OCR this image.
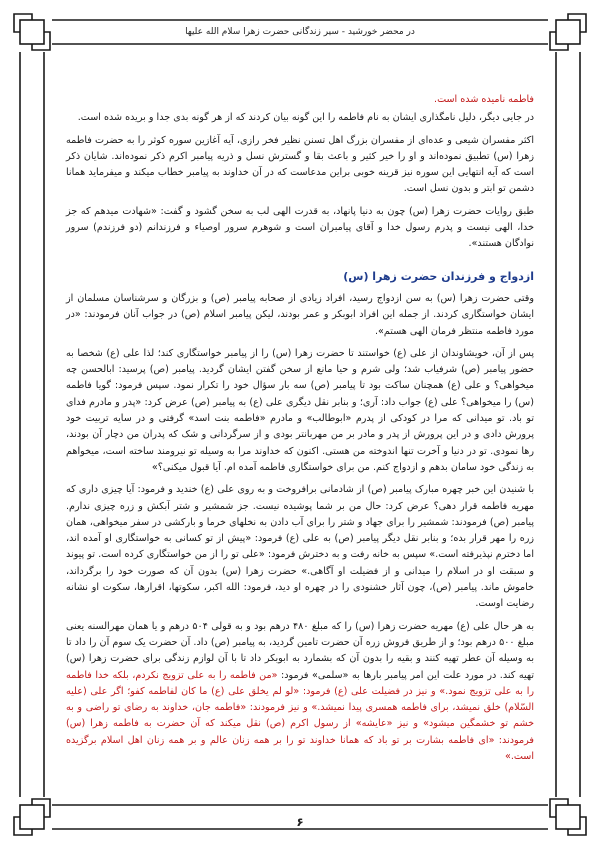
در محضر خورشید - سیر زندگانی حضرت زهرا سلام الله علیها

فاطمه نامیده شده است.

در جایی دیگر، دلیل نامگذاری ایشان به نام فاطمه را این گونه بیان کردند که از هر گونه بدی جدا و بریده شده است.

اکثر مفسران شیعی و عده‌ای از مفسران بزرگ اهل تسنن نظیر فخر رازی، آیه آغازین سوره کوثر را به حضرت فاطمه زهرا (س) تطبیق نموده‌اند و او را خیر کثیر و باعث بقا و گسترش نسل و ذریه پیامبر اکرم ذکر نموده‌اند. شایان ذکر است که آیه انتهایی این سوره نیز قرینه خوبی براین مدعاست که در آن خداوند به پیامبر خطاب میکند و میفرماید همانا دشمن تو ابتر و بدون نسل است.

طبق روایات حضرت زهرا (س) چون به دنیا پانهاد، به قدرت الهی لب به سخن گشود و گفت: «شهادت میدهم که جز خدا، الهی نیست و پدرم رسول خدا و آقای پیامبران است و شوهرم سرور اوصیاء و فرزندانم (دو فرزندم) سرور نوادگان هستند».

ازدواج و فرزندان حضرت زهرا (س)

وقتی حضرت زهرا (س) به سن ازدواج رسید، افراد زیادی از صحابه پیامبر (ص) و بزرگان و سرشناسان مسلمان از ایشان خواستگاری کردند. از جمله این افراد ابوبکر و عمر بودند، لیکن پیامبر اسلام (ص) در جواب آنان فرمودند: «در مورد فاطمه منتظر فرمان الهی هستم».

پس از آن، خویشاوندان از علی (ع) خواستند تا حضرت زهرا (س) را از پیامبر خواستگاری کند؛ لذا علی (ع) شخصا به حضور پیامبر (ص) شرفیاب شد؛ ولی شرم و حیا مانع از سخن گفتن ایشان گردید. پیامبر (ص) پرسید: ابالحسن چه میخواهی؟ و علی (ع) همچنان ساکت بود تا پیامبر (ص) سه بار سؤال خود را تکرار نمود. سپس فرمود: گویا فاطمه (س) را میخواهی؟ علی (ع) جواب داد: آری؛ و بنابر نقل دیگری علی (ع) به پیامبر (ص) عرض کرد: «پدر و مادرم فدای تو باد. تو میدانی که مرا در کودکی از پدرم «ابوطالب» و مادرم «فاطمه بنت اسد» گرفتی و در سایه تربیت خود پرورش دادی و در این پرورش از پدر و مادر بر من مهربانتر بودی و از سرگردانی و شک که پدران من دچار آن بودند، رها نمودی. تو در دنیا و آخرت تنها اندوخته من هستی. اکنون که خداوند مرا به وسیله تو نیرومند ساخته است، میخواهم به زندگی خود سامان بدهم و ازدواج کنم. من برای خواستگاری فاطمه آمده ام. آیا قبول میکنی؟»

با شنیدن این خبر چهره مبارک پیامبر (ص) از شادمانی برافروخت و به روی علی (ع) خندید و فرمود: آیا چیزی داری که مهریه فاطمه قرار دهی؟ عرض کرد: حال من بر شما پوشیده نیست. جز شمشیر و شتر آبکش و زره چیزی ندارم. پیامبر (ص) فرمودند: شمشیر را برای جهاد و شتر را برای آب دادن به نخلهای خرما و بارکشی در سفر میخواهی، همان زره را مهر قرار بده؛ و بنابر نقل دیگر پیامبر (ص) به علی (ع) فرمود: «پیش از تو کسانی به خواستگاری او آمده اند، اما دخترم نپذیرفته است.» سپس به خانه رفت و به دخترش فرمود: «علی تو را از من خواستگاری کرده است. تو پیوند و سبقت او در اسلام را میدانی و از فضیلت او آگاهی.» حضرت زهرا (س) بدون آن که صورت خود را برگرداند، خاموش ماند. پیامبر (ص)، چون آثار خشنودی را در چهره او دید، فرمود: الله اکبر، سکوتها، اقرارها، سکوت او نشانه رضایت اوست.

به هر حال علی (ع) مهریه حضرت زهرا (س) را که مبلغ ۴۸۰ درهم بود و به قولی ۵۰۴ درهم و یا همان مهرالسنه یعنی مبلغ ۵۰۰ درهم بود؛ و از طریق فروش زره آن حضرت تامین گردید، به پیامبر (ص) داد. آن حضرت یک سوم آن را داد تا به وسیله آن عطر تهیه کنند و بقیه را بدون آن که بشمارد به ابوبکر داد تا با آن لوازم زندگی برای حضرت زهرا (س) تهیه کند. در مورد علت این امر پیامبر بارها به «سلمی» فرمود: «من فاطمه را به علی تزویج نکردم، بلکه خدا فاطمه را به علی تزویج نمود.» و نیز در فضیلت علی (ع) فرمود: «لو لم یخلق علی (ع) ما کان لفاطمه کفو؛ اگر علی (علیه السّلام) خلق نمیشد، برای فاطمه همسری پیدا نمیشد.» و نیز فرمودند: «فاطمه جان، خداوند به رضای تو راضی و به خشم تو خشمگین میشود» و نیز «عایشه» از رسول اکرم (ص) نقل میکند که آن حضرت به فاطمه زهرا (س) فرمودند: «ای فاطمه بشارت بر تو باد که همانا خداوند تو را بر همه زنان عالم و بر همه زنان اهل اسلام برگزیده است.»

۶
